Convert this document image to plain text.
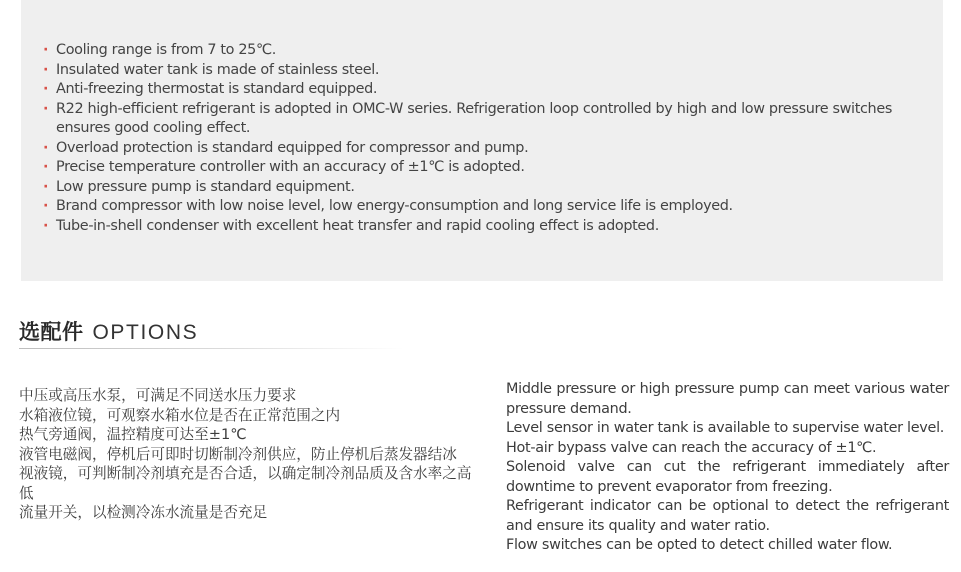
· Cooling range is from 7 to 25℃.
· Insulated water tank is made of stainless steel.
· Anti-freezing thermostat is standard equipped.
· R22 high-efficient refrigerant is adopted in OMC-W series. Refrigeration loop controlled by high and low pressure switches ensures good cooling effect.
· Overload protection is standard equipped for compressor and pump.
· Precise temperature controller with an accuracy of ±1℃ is adopted.
· Low pressure pump is standard equipment.
· Brand compressor with low noise level, low energy-consumption and long service life is employed.
· Tube-in-shell condenser with excellent heat transfer and rapid cooling effect is adopted.
选配件 OPTIONS

中压或高压水泵，可满足不同送水压力要求

水箱液位镜，可观察水箱水位是否在正常范围之内

热气旁通阀，温控精度可达至±1℃

液管电磁阀，停机后可即时切断制冷剂供应，防止停机后蒸发器结冰

视液镜，可判断制冷剂填充是否合适，以确定制冷剂品质及含水率之高低

流量开关，以检测冷冻水流量是否充足

Middle pressure or high pressure pump can meet various water pressure demand.

Level sensor in water tank is available to supervise water level.

Hot-air bypass valve can reach the accuracy of ±1℃.

Solenoid valve can cut the refrigerant immediately after downtime to prevent evaporator from freezing.

Refrigerant indicator can be optional to detect the refrigerant and ensure its quality and water ratio.

Flow switches can be opted to detect chilled water flow.
